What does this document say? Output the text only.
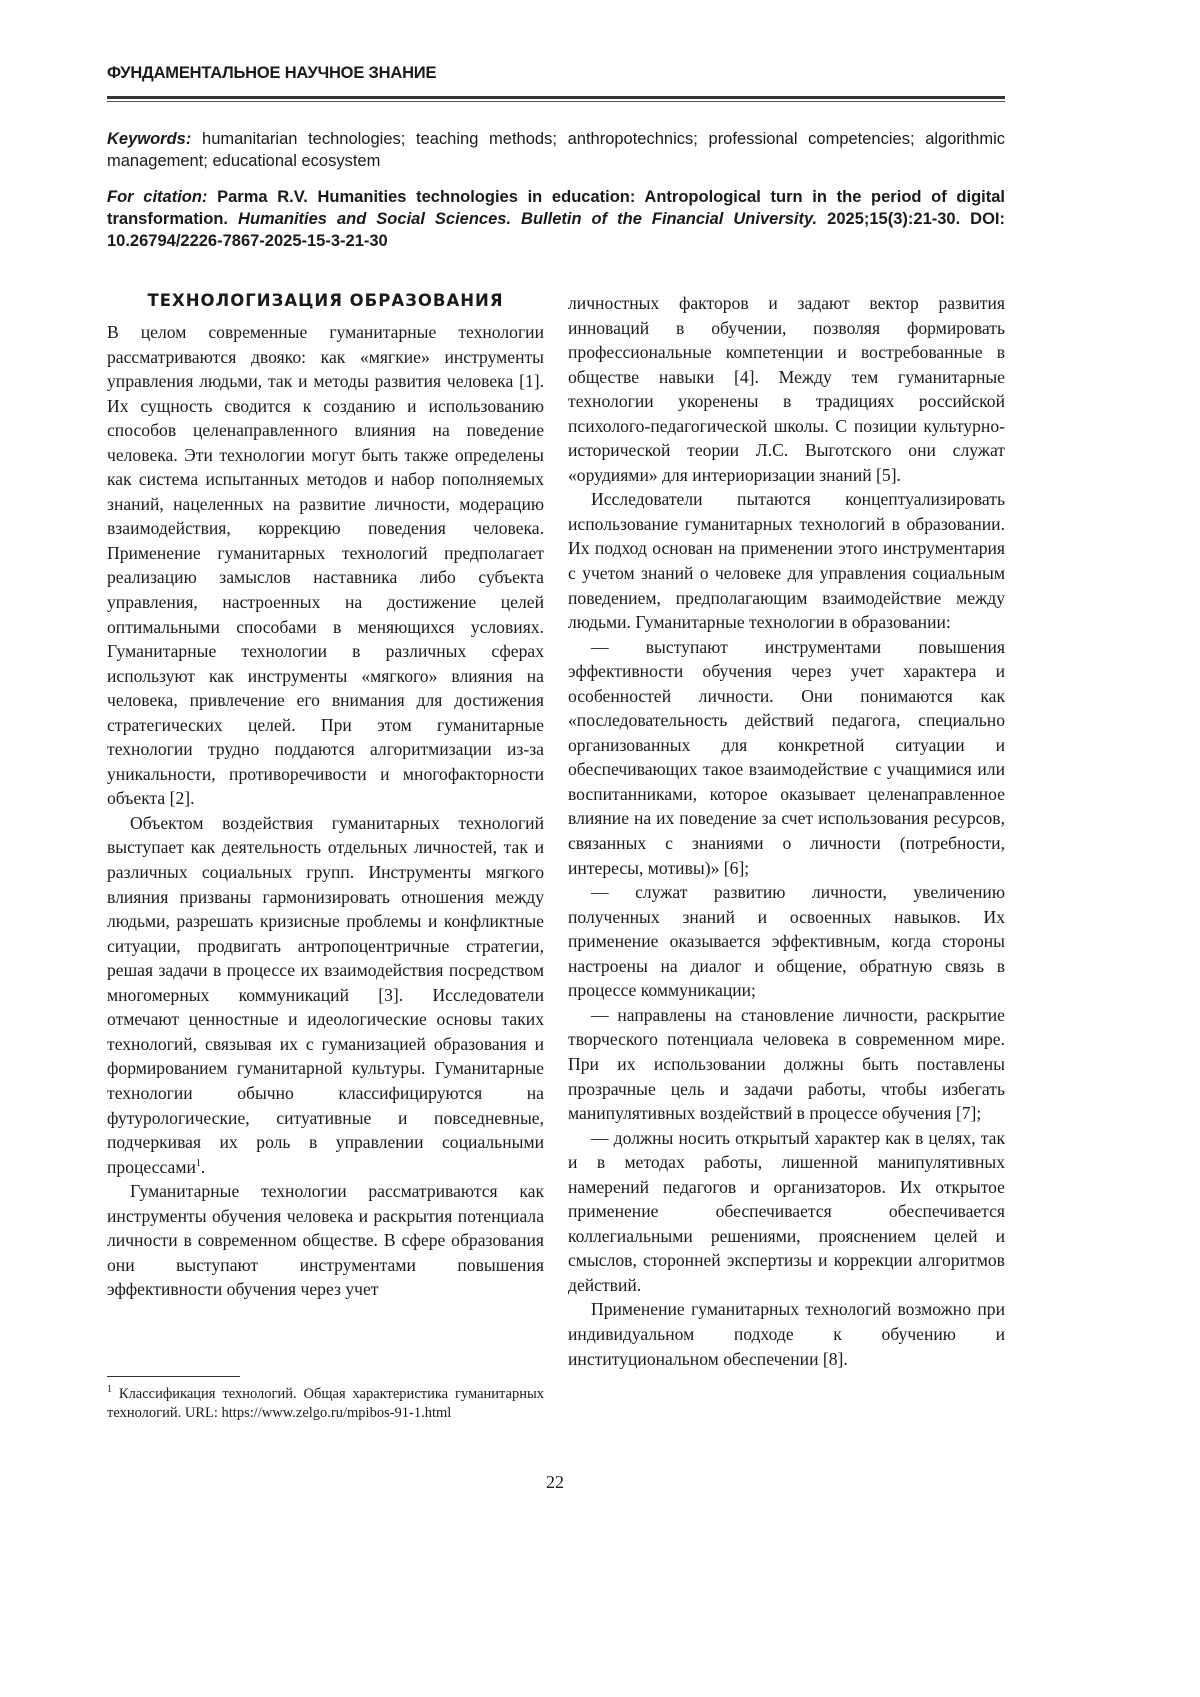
ФУНДАМЕНТАЛЬНОЕ НАУЧНОЕ ЗНАНИЕ
Keywords: humanitarian technologies; teaching methods; anthropotechnics; professional competencies; algorithmic management; educational ecosystem
For citation: Parma R.V. Humanities technologies in education: Antropological turn in the period of digital transformation. Humanities and Social Sciences. Bulletin of the Financial University. 2025;15(3):21-30. DOI: 10.26794/2226-7867-2025-15-3-21-30
ТЕХНОЛОГИЗАЦИЯ ОБРАЗОВАНИЯ

В целом современные гуманитарные технологии рассматриваются двояко: как «мягкие» инструменты управления людьми, так и методы развития человека [1]. Их сущность сводится к созданию и использованию способов целенаправленного влияния на поведение человека. Эти технологии могут быть также определены как система испытанных методов и набор пополняемых знаний, нацеленных на развитие личности, модерацию взаимодействия, коррекцию поведения человека. Применение гуманитарных технологий предполагает реализацию замыслов наставника либо субъекта управления, настроенных на достижение целей оптимальными способами в меняющихся условиях. Гуманитарные технологии в различных сферах используют как инструменты «мягкого» влияния на человека, привлечение его внимания для достижения стратегических целей. При этом гуманитарные технологии трудно поддаются алгоритмизации из-за уникальности, противоречивости и многофакторности объекта [2].

Объектом воздействия гуманитарных технологий выступает как деятельность отдельных личностей, так и различных социальных групп. Инструменты мягкого влияния призваны гармонизировать отношения между людьми, разрешать кризисные проблемы и конфликтные ситуации, продвигать антропоцентричные стратегии, решая задачи в процессе их взаимодействия посредством многомерных коммуникаций [3]. Исследователи отмечают ценностные и идеологические основы таких технологий, связывая их с гуманизацией образования и формированием гуманитарной культуры. Гуманитарные технологии обычно классифицируются на футурологические, ситуативные и повседневные, подчеркивая их роль в управлении социальными процессами1.

Гуманитарные технологии рассматриваются как инструменты обучения человека и раскрытия потенциала личности в современном обществе. В сфере образования они выступают инструментами повышения эффективности обучения через учет

личностных факторов и задают вектор развития инноваций в обучении, позволяя формировать профессиональные компетенции и востребованные в обществе навыки [4]. Между тем гуманитарные технологии укоренены в традициях российской психолого-педагогической школы. С позиции культурно-исторической теории Л.С. Выготского они служат «орудиями» для интериоризации знаний [5].

Исследователи пытаются концептуализировать использование гуманитарных технологий в образовании. Их подход основан на применении этого инструментария с учетом знаний о человеке для управления социальным поведением, предполагающим взаимодействие между людьми. Гуманитарные технологии в образовании:

— выступают инструментами повышения эффективности обучения через учет характера и особенностей личности. Они понимаются как «последовательность действий педагога, специально организованных для конкретной ситуации и обеспечивающих такое взаимодействие с учащимися или воспитанниками, которое оказывает целенаправленное влияние на их поведение за счет использования ресурсов, связанных с знаниями о личности (потребности, интересы, мотивы)» [6];

— служат развитию личности, увеличению полученных знаний и освоенных навыков. Их применение оказывается эффективным, когда стороны настроены на диалог и общение, обратную связь в процессе коммуникации;

— направлены на становление личности, раскрытие творческого потенциала человека в современном мире. При их использовании должны быть поставлены прозрачные цель и задачи работы, чтобы избегать манипулятивных воздействий в процессе обучения [7];

— должны носить открытый характер как в целях, так и в методах работы, лишенной манипулятивных намерений педагогов и организаторов. Их открытое применение обеспечивается обеспечивается коллегиальными решениями, прояснением целей и смыслов, сторонней экспертизы и коррекции алгоритмов действий.

Применение гуманитарных технологий возможно при индивидуальном подходе к обучению и институциональном обеспечении [8].

1 Классификация технологий. Общая характеристика гуманитарных технологий. URL: https://www.zelgo.ru/mpibos-91-1.html
22
